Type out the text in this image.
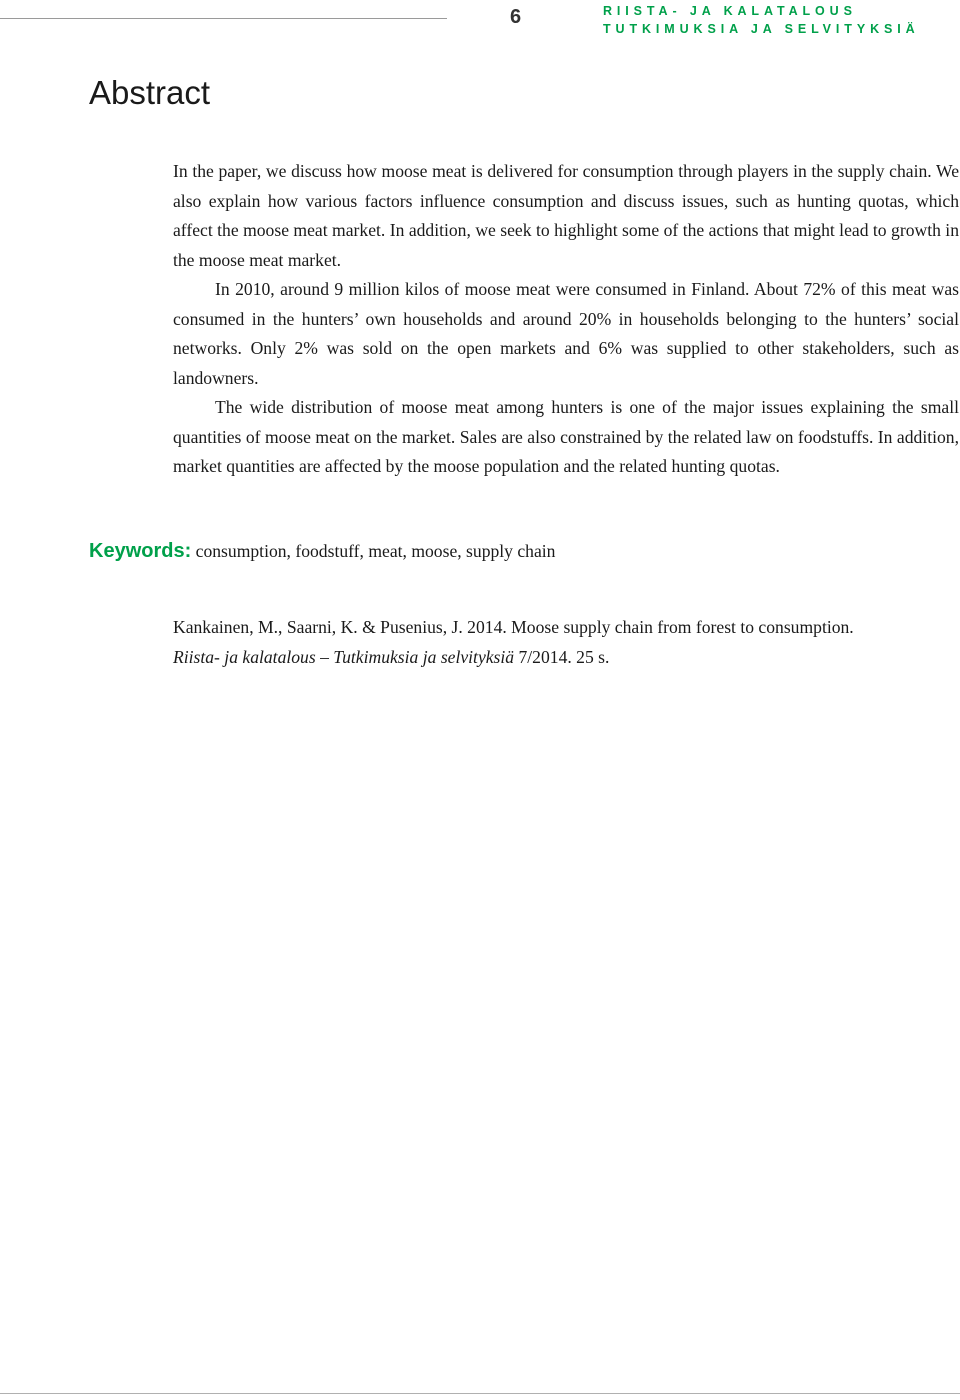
6	RIISTA- JA KALATALOUS
TUTKIMUKSIA JA SELVITYKSIÄ
Abstract

In the paper, we discuss how moose meat is delivered for consumption through players in the supply chain. We also explain how various factors influence consumption and discuss issues, such as hunting quotas, which affect the moose meat market. In addition, we seek to highlight some of the actions that might lead to growth in the moose meat market.

In 2010, around 9 million kilos of moose meat were consumed in Finland. About 72% of this meat was consumed in the hunters’ own households and around 20% in households belonging to the hunters’ social networks. Only 2% was sold on the open markets and 6% was supplied to other stakeholders, such as landowners.

The wide distribution of moose meat among hunters is one of the major issues explaining the small quantities of moose meat on the market. Sales are also constrained by the related law on foodstuffs. In addition, market quantities are affected by the moose population and the related hunting quotas.

Keywords: consumption, foodstuff, meat, moose, supply chain
Kankainen, M., Saarni, K. & Pusenius, J. 2014. Moose supply chain from forest to consumption.
Riista- ja kalatalous – Tutkimuksia ja selvityksiä 7/2014. 25 s.
